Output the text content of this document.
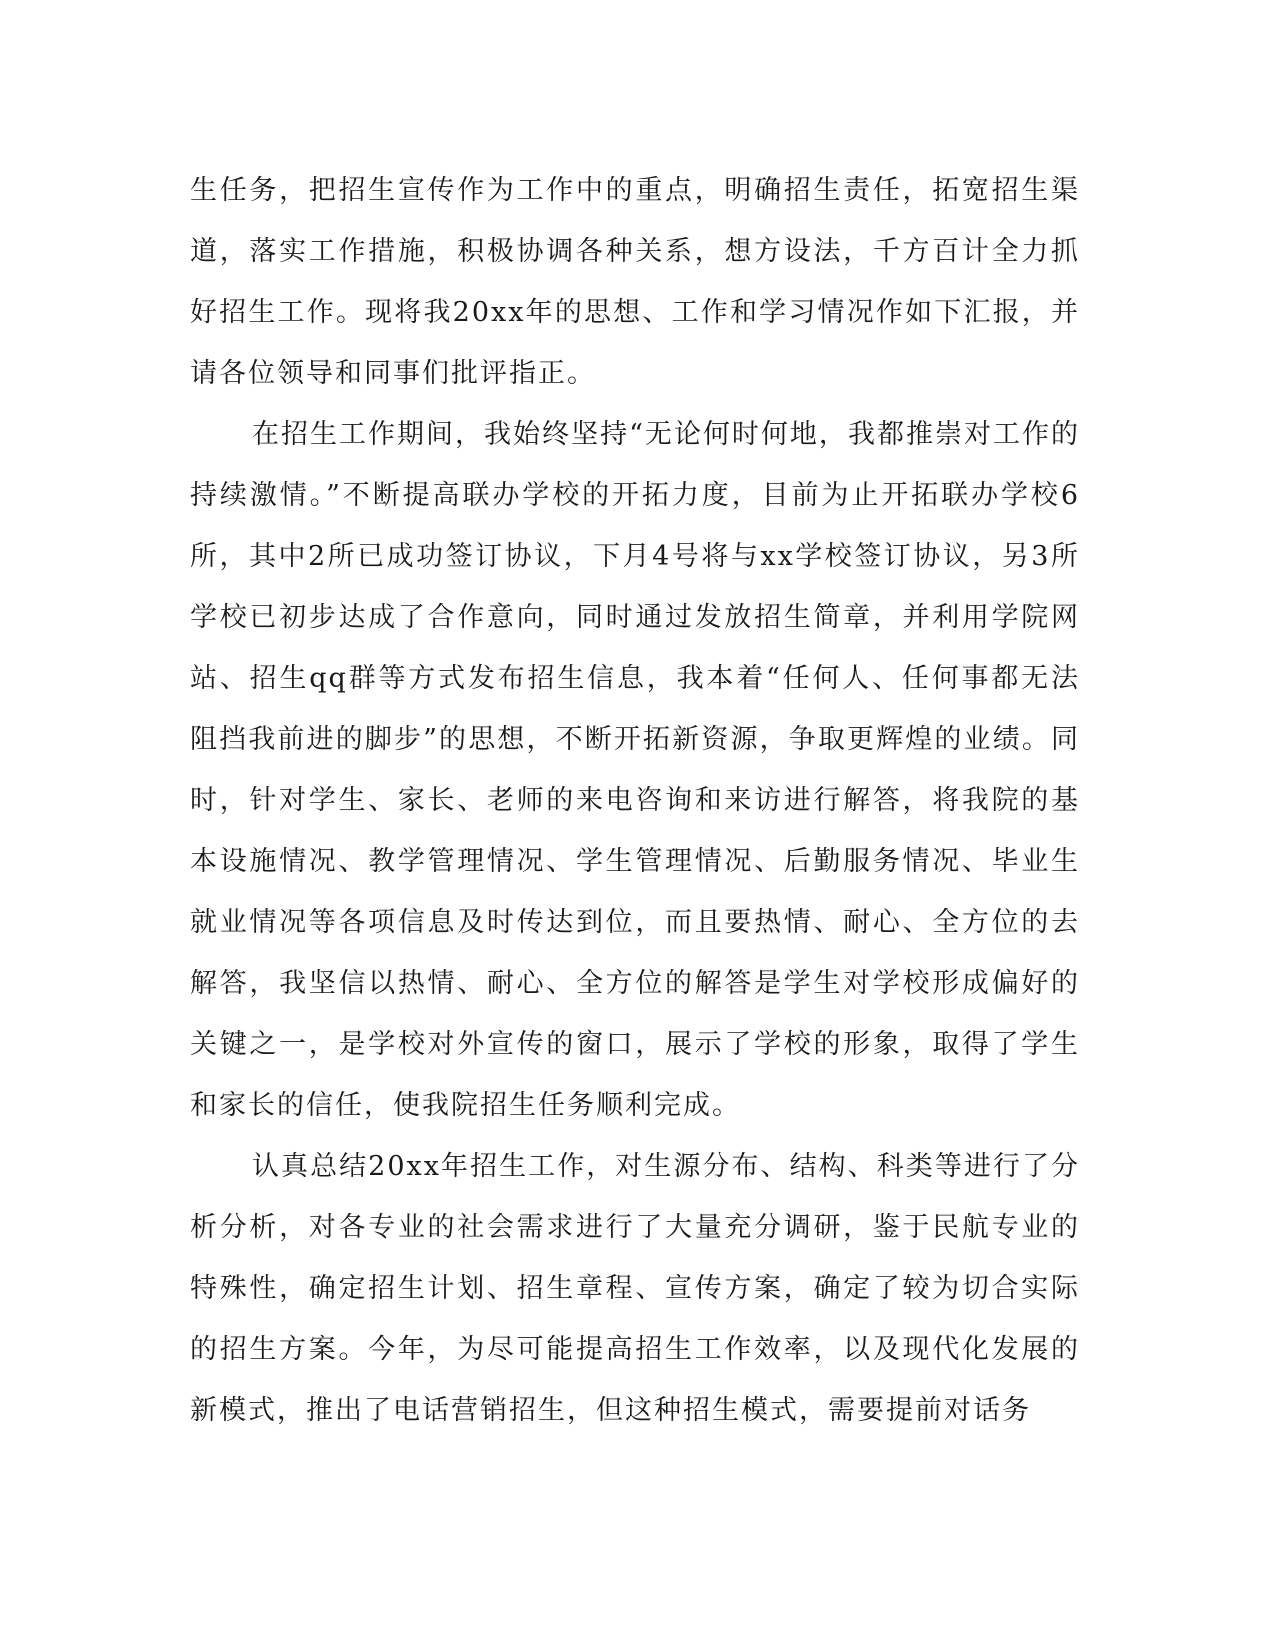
生任务，把招生宣传作为工作中的重点，明确招生责任，拓宽招生渠道，落实工作措施，积极协调各种关系，想方设法，千方百计全力抓好招生工作。现将我20xx年的思想、工作和学习情况作如下汇报，并请各位领导和同事们批评指正。

在招生工作期间，我始终坚持“无论何时何地，我都推崇对工作的持续激情。”不断提高联办学校的开拓力度，目前为止开拓联办学校6所，其中2所已成功签订协议，下月4号将与xx学校签订协议，另3所学校已初步达成了合作意向，同时通过发放招生简章，并利用学院网站、招生qq群等方式发布招生信息，我本着“任何人、任何事都无法阻挡我前进的脚步”的思想，不断开拓新资源，争取更辉煌的业绩。同时，针对学生、家长、老师的来电咨询和来访进行解答，将我院的基本设施情况、教学管理情况、学生管理情况、后勤服务情况、毕业生就业情况等各项信息及时传达到位，而且要热情、耐心、全方位的去解答，我坚信以热情、耐心、全方位的解答是学生对学校形成偏好的关键之一，是学校对外宣传的窗口，展示了学校的形象，取得了学生和家长的信任，使我院招生任务顺利完成。

认真总结20xx年招生工作，对生源分布、结构、科类等进行了分析分析，对各专业的社会需求进行了大量充分调研，鉴于民航专业的特殊性，确定招生计划、招生章程、宣传方案，确定了较为切合实际的招生方案。今年，为尽可能提高招生工作效率，以及现代化发展的新模式，推出了电话营销招生，但这种招生模式，需要提前对话务
